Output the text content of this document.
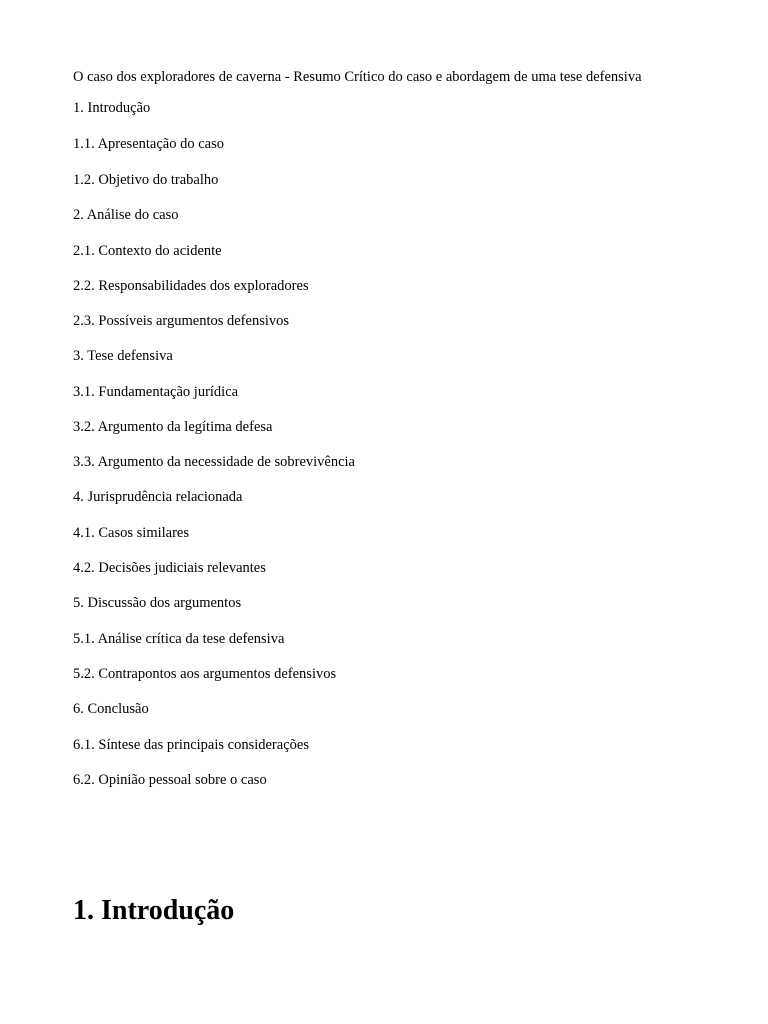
O caso dos exploradores de caverna - Resumo Crítico do caso e abordagem de uma tese defensiva
1. Introdução
1.1. Apresentação do caso
1.2. Objetivo do trabalho
2. Análise do caso
2.1. Contexto do acidente
2.2. Responsabilidades dos exploradores
2.3. Possíveis argumentos defensivos
3. Tese defensiva
3.1. Fundamentação jurídica
3.2. Argumento da legítima defesa
3.3. Argumento da necessidade de sobrevivência
4. Jurisprudência relacionada
4.1. Casos similares
4.2. Decisões judiciais relevantes
5. Discussão dos argumentos
5.1. Análise crítica da tese defensiva
5.2. Contrapontos aos argumentos defensivos
6. Conclusão
6.1. Síntese das principais considerações
6.2. Opinião pessoal sobre o caso
1. Introdução
